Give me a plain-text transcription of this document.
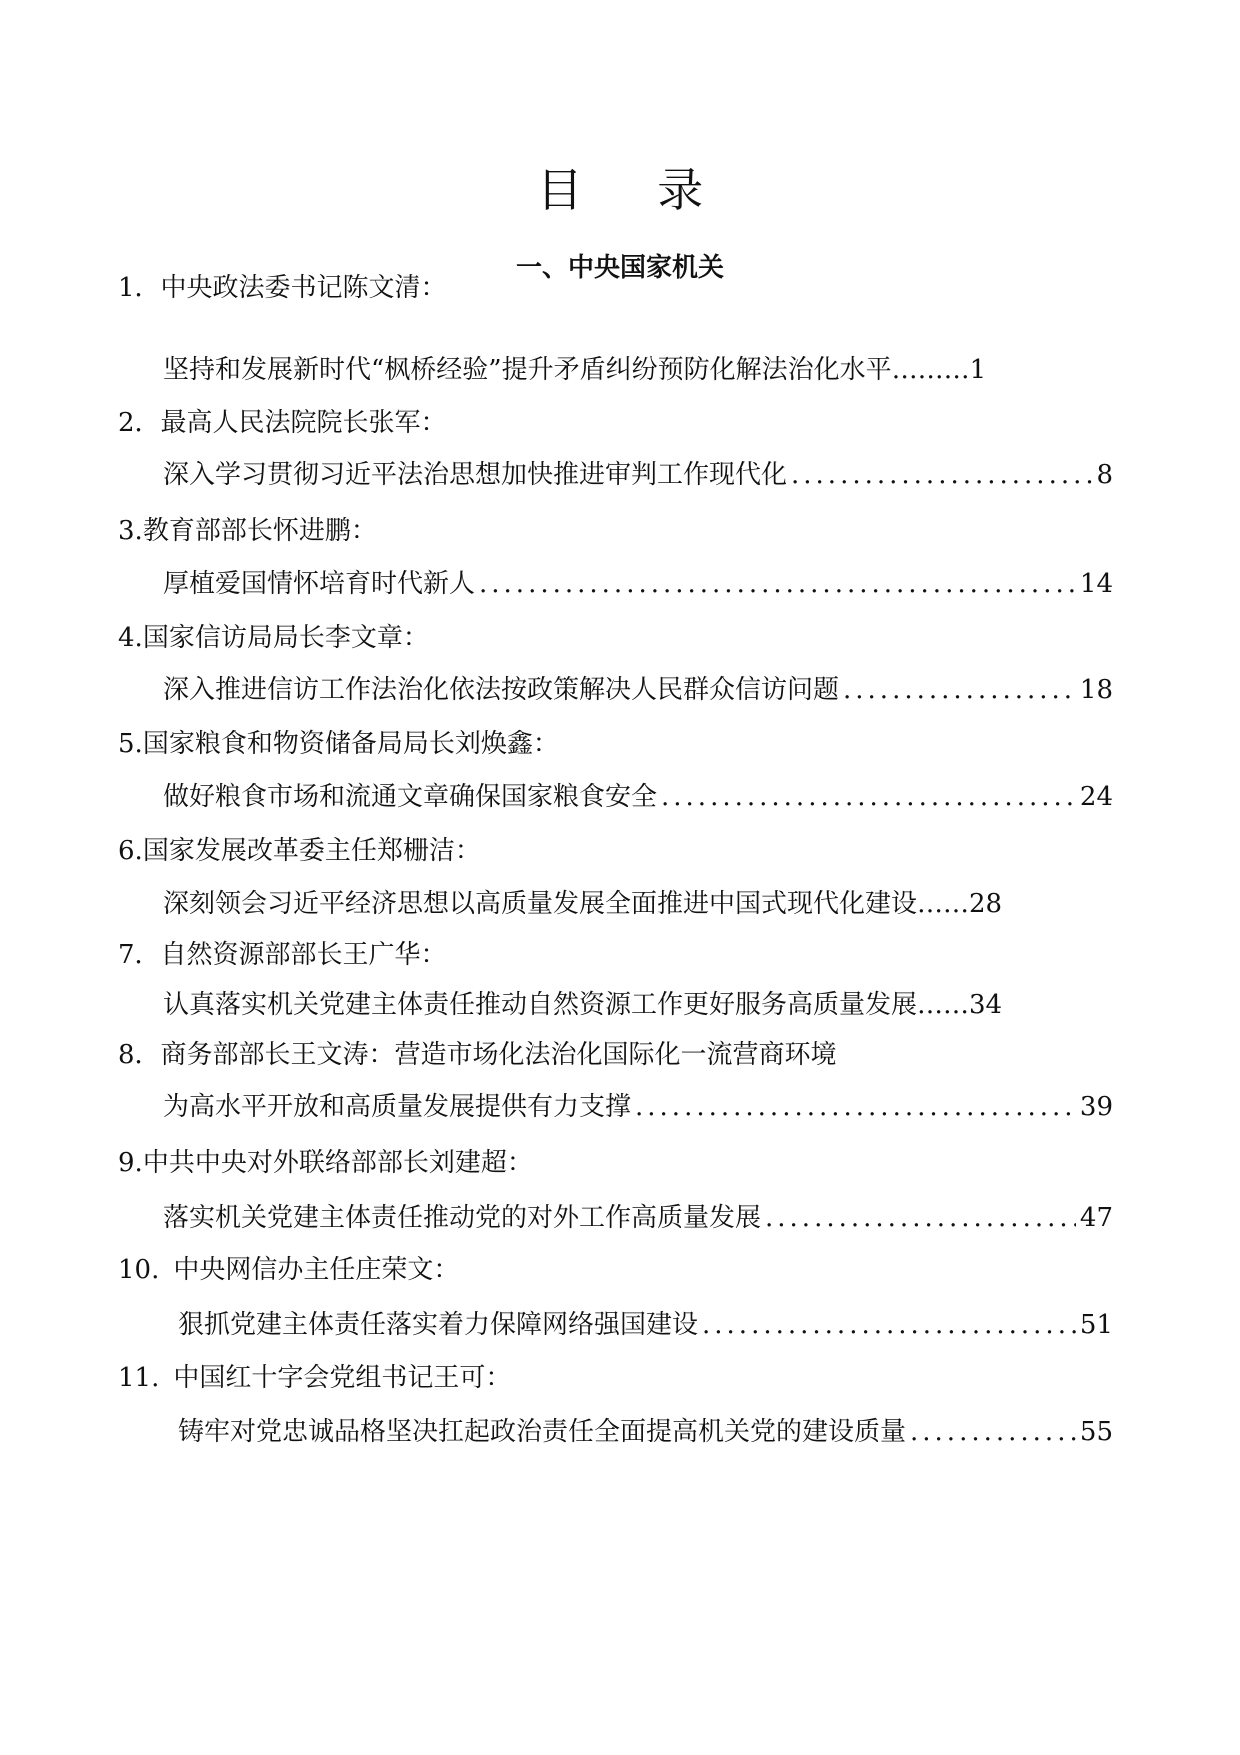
目 录
一、中央国家机关
1．中央政法委书记陈文清：
坚持和发展新时代“枫桥经验”提升矛盾纠纷预防化解法治化水平 ……… 1
2．最高人民法院院长张军：
深入学习贯彻习近平法治思想加快推进审判工作现代化 .....	8
3.教育部部长怀进鹏：
厚植爱国情怀培育时代新人 .....	14
4.国家信访局局长李文章：
深入推进信访工作法治化依法按政策解决人民群众信访问题 .....	18
5.国家粮食和物资储备局局长刘焕鑫：
做好粮食市场和流通文章确保国家粮食安全 .....	24
6.国家发展改革委主任郑栅洁：
深刻领会习近平经济思想以高质量发展全面推进中国式现代化建设 …… 28
7．自然资源部部长王广华：
认真落实机关党建主体责任推动自然资源工作更好服务高质量发展 …… 34
8．商务部部长王文涛：营造市场化法治化国际化一流营商环境
为高水平开放和高质量发展提供有力支撑 .....	39
9.中共中央对外联络部部长刘建超：
落实机关党建主体责任推动党的对外工作高质量发展 .....	47
10. 中央网信办主任庄荣文：
狠抓党建主体责任落实着力保障网络强国建设 .....	51
11. 中国红十字会党组书记王可：
铸牢对党忠诚品格坚决扛起政治责任全面提高机关党的建设质量 .....	55
